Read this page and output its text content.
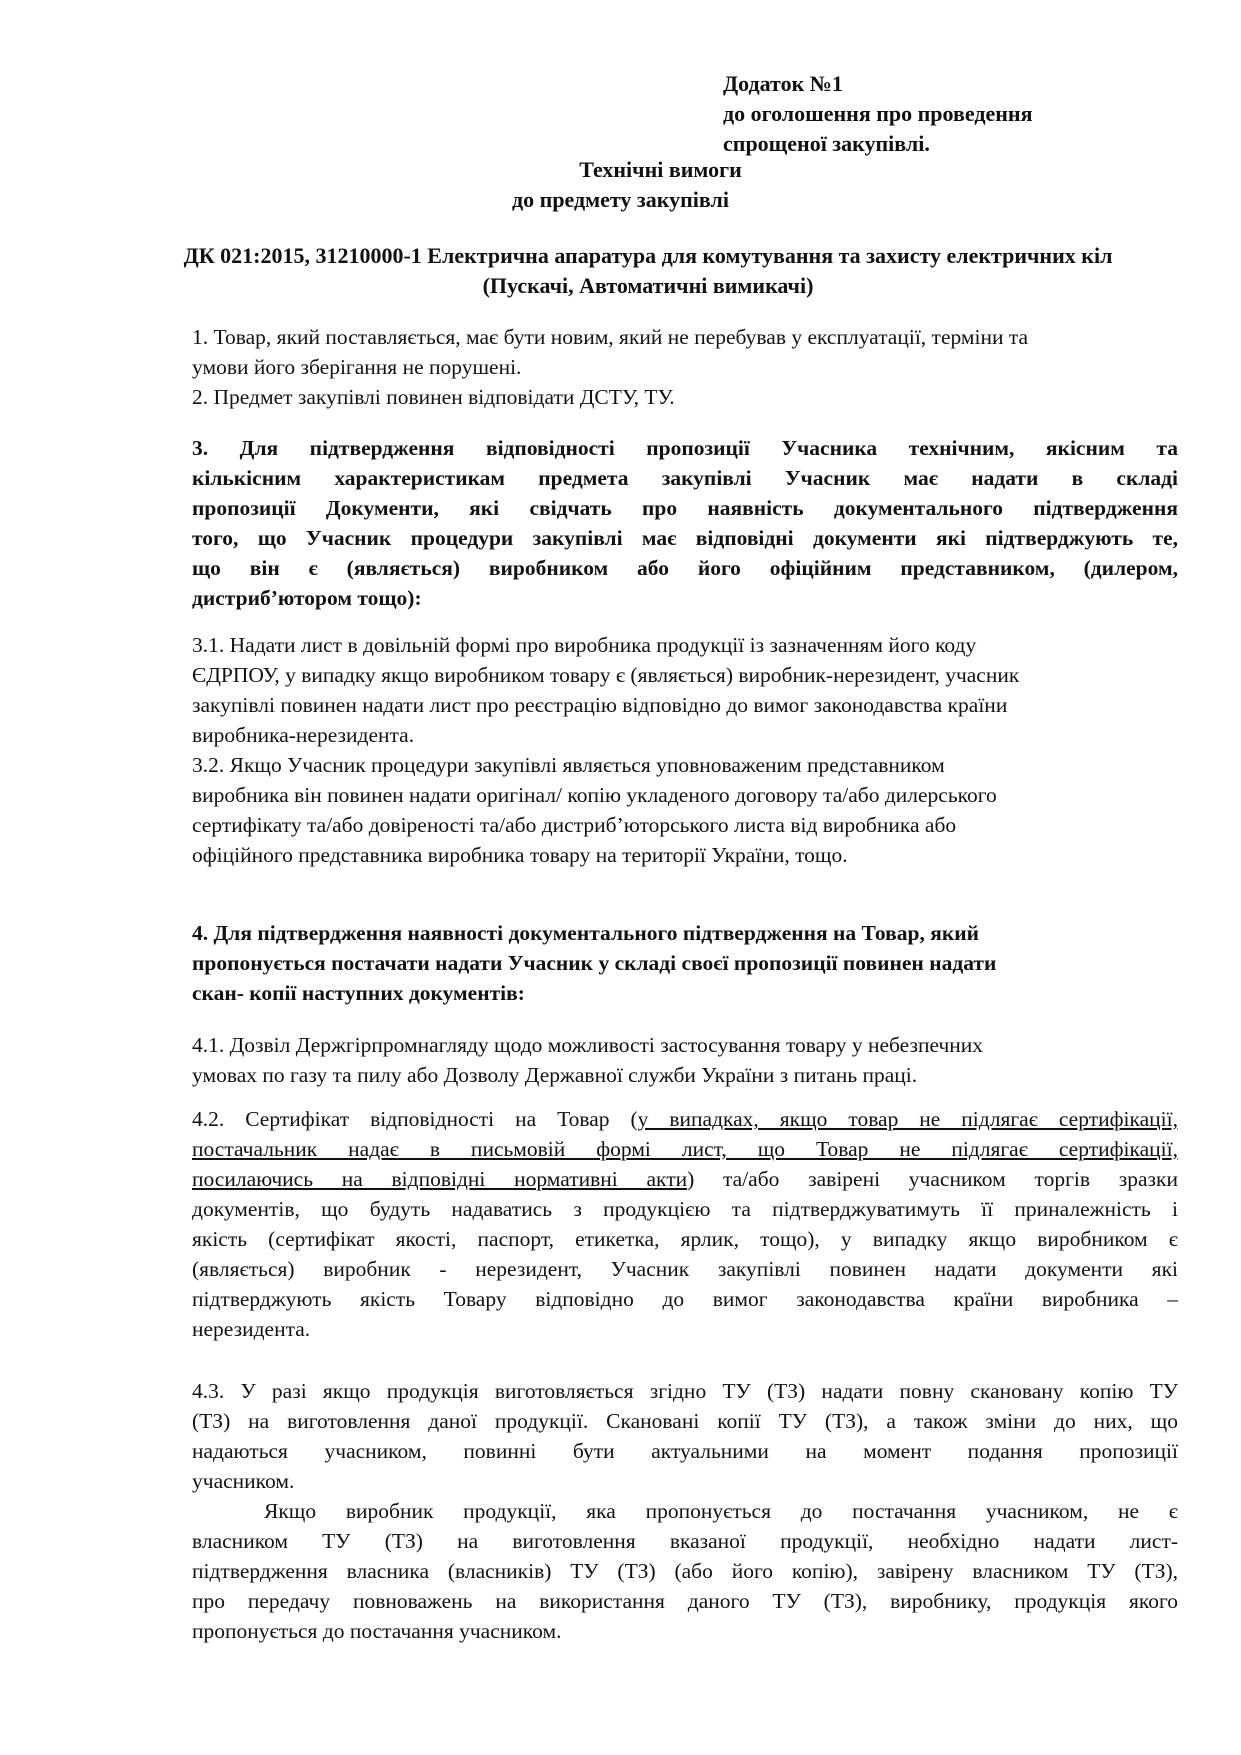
Додаток №1
до оголошення про проведення
спрощеної закупівлі.
Технічні вимоги
до предмету закупівлі
ДК 021:2015, 31210000-1 Електрична апаратура для комутування та захисту електричних кіл
(Пускачі, Автоматичні вимикачі)
1. Товар, який поставляється, має бути новим, який не перебував у експлуатації, терміни та
умови його зберігання не порушені.
2. Предмет закупівлі повинен відповідати ДСТУ, ТУ.
3. Для підтвердження відповідності пропозиції Учасника технічним, якісним та
кількісним характеристикам предмета закупівлі Учасник має надати в складі
пропозиції Документи, які свідчать про наявність документального підтвердження
того, що Учасник процедури закупівлі має відповідні документи які підтверджують те,
що він є (являється) виробником або його офіційним представником, (дилером,
дистриб’ютором тощо):
3.1. Надати лист в довільній формі про виробника продукції із зазначенням його коду
ЄДРПОУ, у випадку якщо виробником товару є (являється) виробник-нерезидент, учасник
закупівлі повинен надати лист про реєстрацію відповідно до вимог законодавства країни
виробника-нерезидента.
3.2. Якщо Учасник процедури закупівлі являється уповноваженим представником
виробника він повинен надати оригінал/ копію укладеного договору та/або дилерського
сертифікату та/або довіреності та/або дистриб’юторського листа від виробника або
офіційного представника виробника товару на території України, тощо.
4. Для підтвердження наявності документального підтвердження на Товар, який
пропонується постачати надати Учасник у складі своєї пропозиції повинен надати
скан- копії наступних документів:
4.1. Дозвіл Держгірпромнагляду щодо можливості застосування товару у небезпечних
умовах по газу та пилу або Дозволу Державної служби України з питань праці.
4.2. Сертифікат відповідності на Товар (у випадках, якщо товар не підлягає сертифікації,
постачальник надає в письмовій формі лист, що Товар не підлягає сертифікації,
посилаючись на відповідні нормативні акти) та/або завірені учасником торгів зразки
документів, що будуть надаватись з продукцією та підтверджуватимуть її приналежність і
якість (сертифікат якості, паспорт, етикетка, ярлик, тощо), у випадку якщо виробником є
(являється) виробник - нерезидент, Учасник закупівлі повинен надати документи які
підтверджують якість Товару відповідно до вимог законодавства країни виробника –
нерезидента.
4.3. У разі якщо продукція виготовляється згідно ТУ (ТЗ) надати повну скановану копію ТУ
(ТЗ) на виготовлення даної продукції. Скановані копії ТУ (ТЗ), а також зміни до них, що
надаються учасником, повинні бути актуальними на момент подання пропозиції
учасником.
Якщо виробник продукції, яка пропонується до постачання учасником, не є
власником ТУ (ТЗ) на виготовлення вказаної продукції, необхідно надати лист-
підтвердження власника (власників) ТУ (ТЗ) (або його копію), завірену власником ТУ (ТЗ),
про передачу повноважень на використання даного ТУ (ТЗ), виробнику, продукція якого
пропонується до постачання учасником.
